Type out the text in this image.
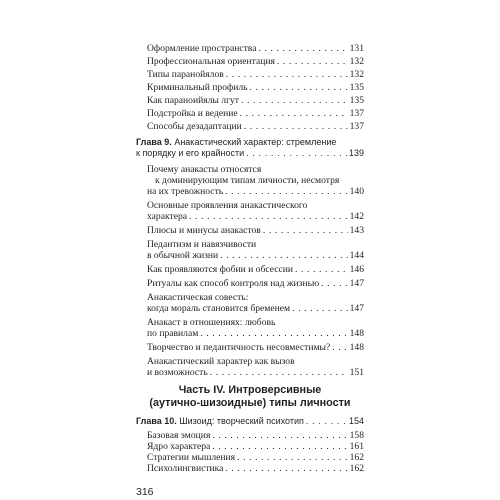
Оформление пространства . . .	131
Профессиональная ориентация . . .	132
Типы паранойялов . . .	132
Криминальный профиль . . .	135
Как параноийялы лгут . . .	135
Подстройка и ведение . . .	137
Способы дезадаптации . . .	137
Глава 9. Анакастический характер: стремление
к порядку и его крайности . . .	139
Почему анакасты относятся
к доминирующим типам личности, несмотря
на их тревожность . . .	140
Основные проявления анакастического
характера . . .	142
Плюсы и минусы анакастов . . .	143
Педантизм и навязчивости
в обычной жизни . . .	144
Как проявляются фобии и обсессии . . .	146
Ритуалы как способ контроля над жизнью . . .	147
Анакастическая совесть:
когда мораль становится бременем . . .	147
Анакаст в отношениях: любовь
по правилам . . .	148
Творчество и педантичность несовместимы? . . . 148
Анакастический характер как вызов
и возможность . . .	151
Часть IV. Интроверсивные
(аутично-шизоидные) типы личности
Глава 10. Шизоид: творческий психотип . . .	154
316
Базовая эмоция . . .	158
Ядро характера . . .	161
Стратегии мышления . . .	162
Психолингвистика . . .	162
